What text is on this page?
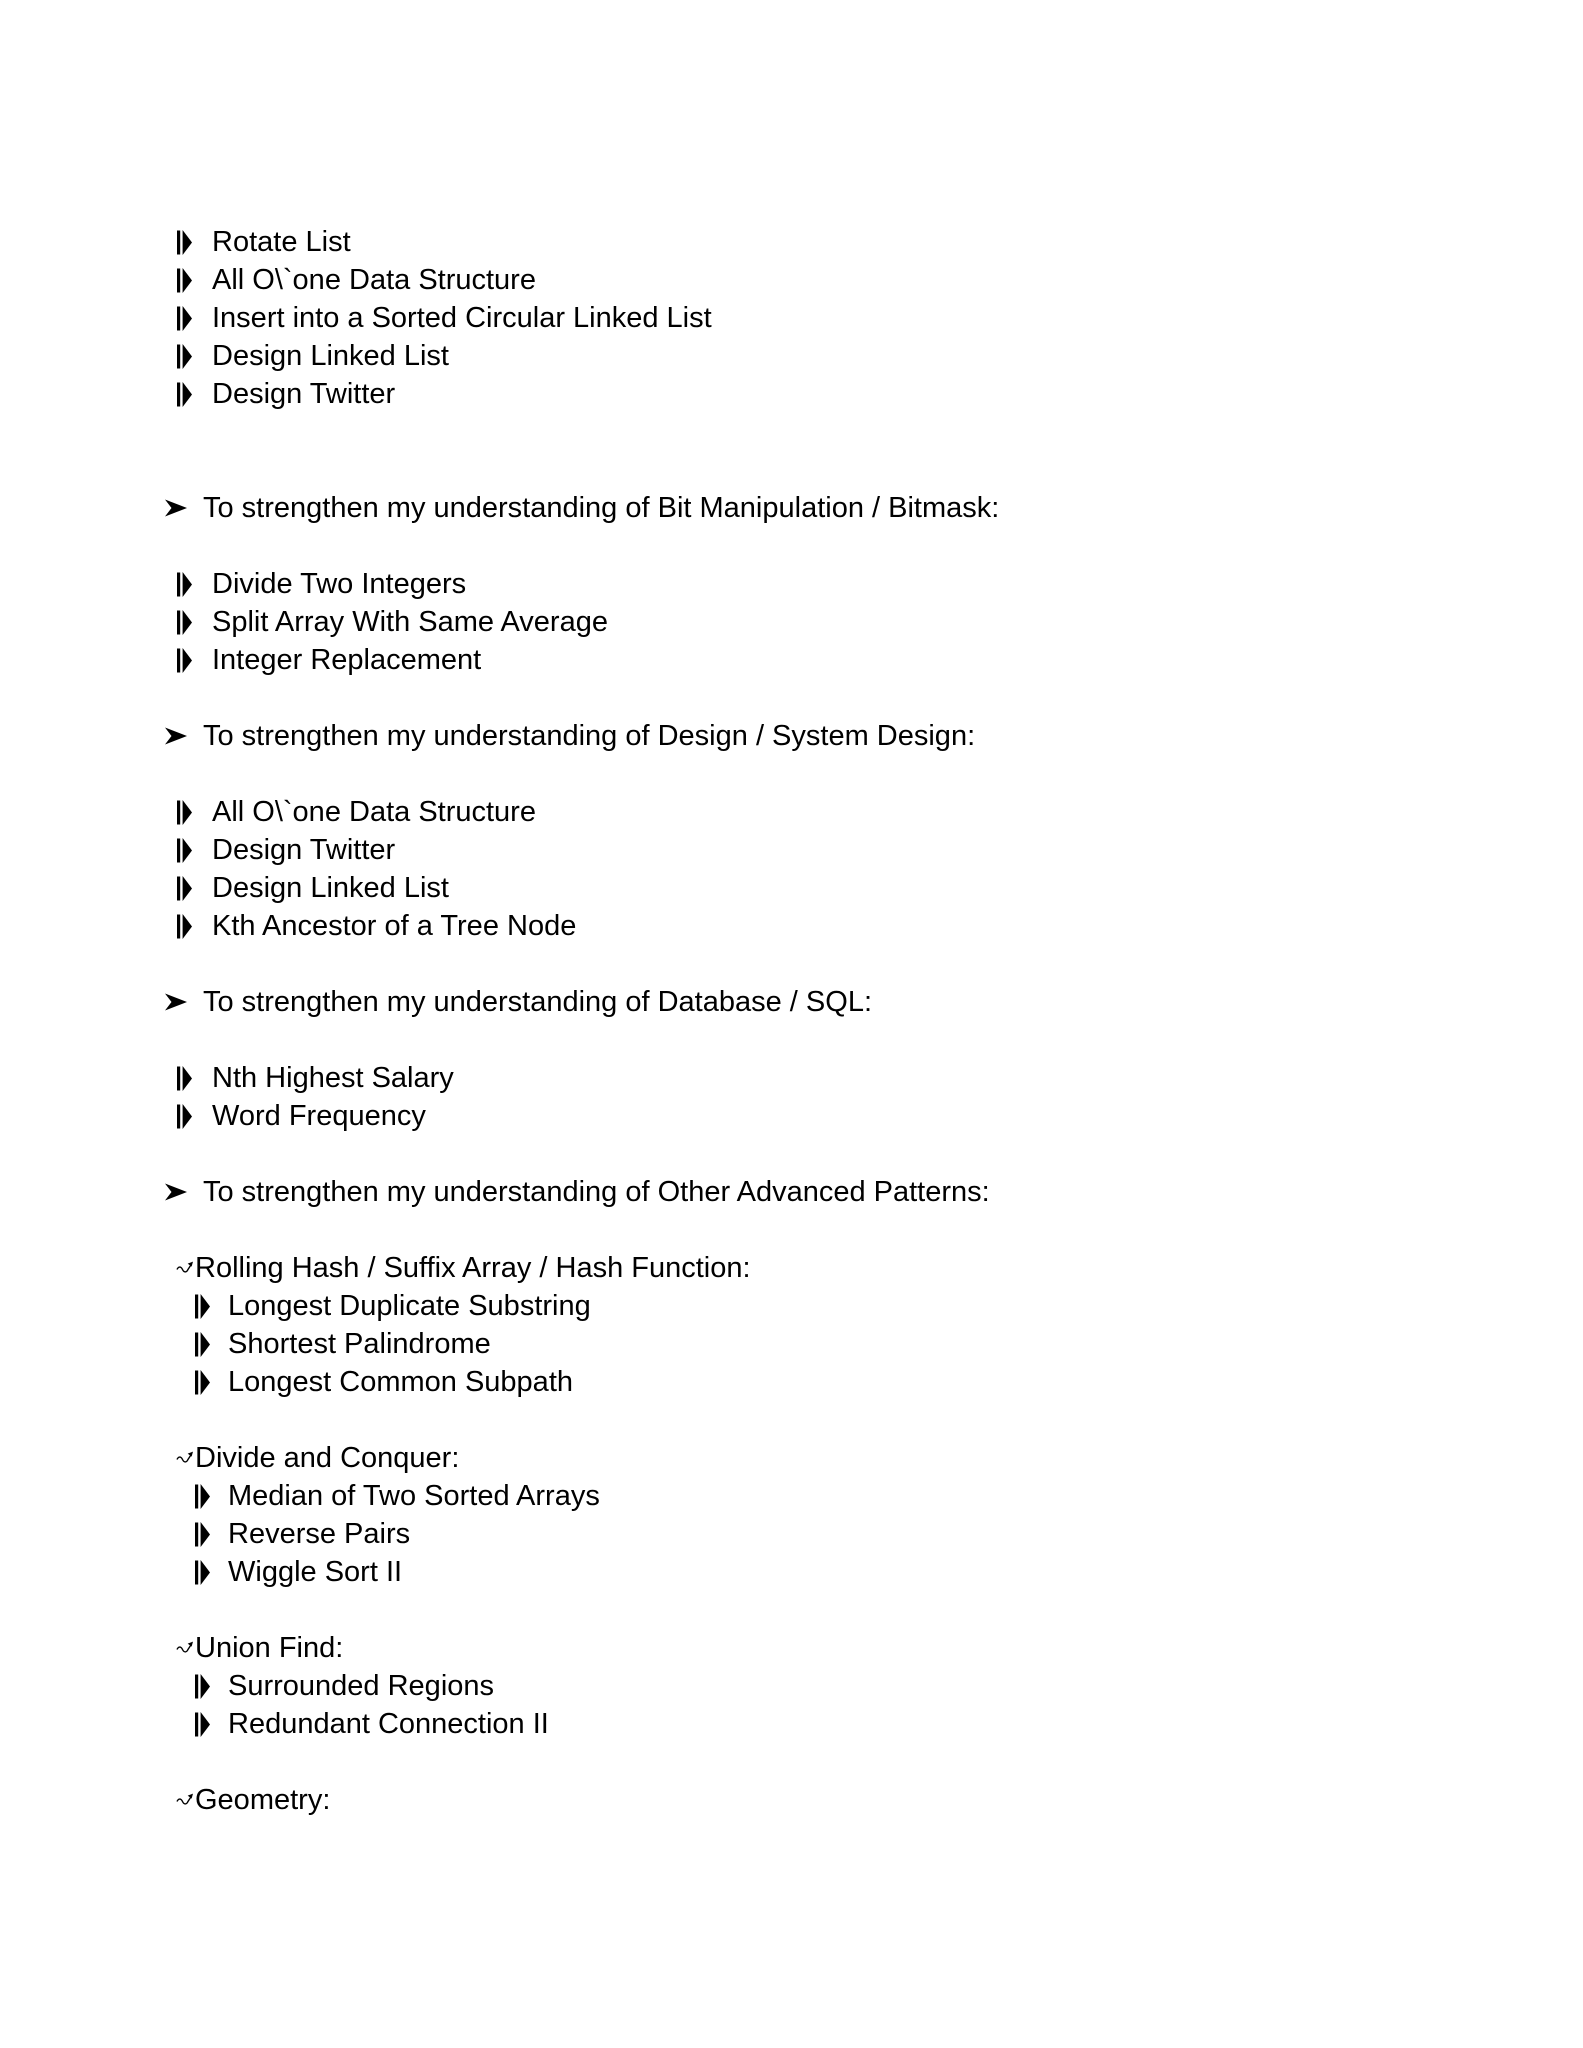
Rotate List
All O\`one Data Structure
Insert into a Sorted Circular Linked List
Design Linked List
Design Twitter
To strengthen my understanding of Bit Manipulation / Bitmask:
Divide Two Integers
Split Array With Same Average
Integer Replacement
To strengthen my understanding of Design / System Design:
All O\`one Data Structure
Design Twitter
Design Linked List
Kth Ancestor of a Tree Node
To strengthen my understanding of Database / SQL:
Nth Highest Salary
Word Frequency
To strengthen my understanding of Other Advanced Patterns:
Rolling Hash / Suffix Array / Hash Function:
Longest Duplicate Substring
Shortest Palindrome
Longest Common Subpath
Divide and Conquer:
Median of Two Sorted Arrays
Reverse Pairs
Wiggle Sort II
Union Find:
Surrounded Regions
Redundant Connection II
Geometry:
